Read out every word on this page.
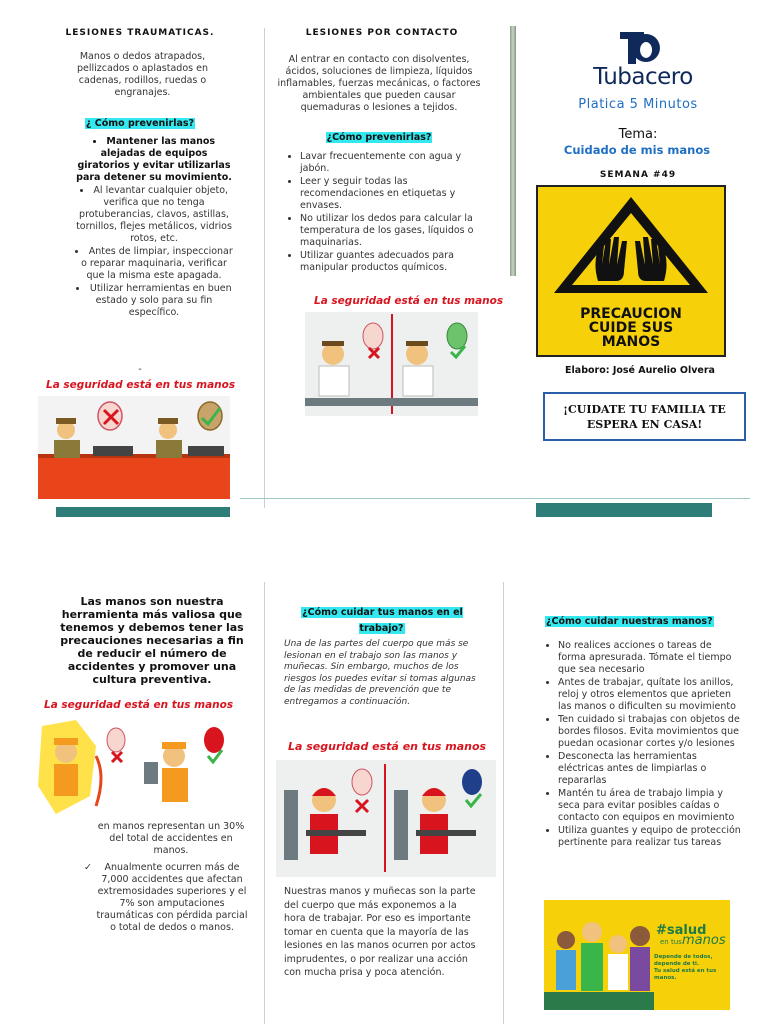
LESIONES TRAUMATICAS.
Manos o dedos atrapados, pellizcados o aplastados en cadenas, rodillos, ruedas o engranajes.
¿ Cómo prevenirlas?
• Mantener las manos alejadas de equipos giratorios y evitar utilizarlas para detener su movimiento.
• Al levantar cualquier objeto, verifica que no tenga protuberancias, clavos, astillas, tornillos, flejes metálicos, vidrios rotos, etc.
• Antes de limpiar, inspeccionar o reparar maquinaria, verificar que la misma este apagada.
• Utilizar herramientas en buen estado y solo para su fin específico.
-
La seguridad está en tus manos
LESIONES POR CONTACTO
Al entrar en contacto con disolventes, ácidos, soluciones de limpieza, líquidos inflamables, fuerzas mecánicas, o factores ambientales que pueden causar quemaduras o lesiones a tejidos.
¿Cómo prevenirlas?
• Lavar frecuentemente con agua y jabón.
• Leer y seguir todas las recomendaciones en etiquetas y envases.
• No utilizar los dedos para calcular la temperatura de los gases, líquidos o maquinarias.
• Utilizar guantes adecuados para manipular productos químicos.
La seguridad está en tus manos
Tubacero
Platica 5 Minutos
Tema:
Cuidado de mis manos
SEMANA #49
PRECAUCION
CUIDE SUS
MANOS
Elaboro: José Aurelio Olvera
¡CUIDATE TU FAMILIA TE ESPERA EN CASA!
Las manos son nuestra herramienta más valiosa que tenemos y debemos tener las precauciones necesarias a fin de reducir el número de accidentes y promover una cultura preventiva.
La seguridad está en tus manos
en manos representan un 30% del total de accidentes en manos.
✓ Anualmente ocurren más de 7,000 accidentes que afectan extremosidades superiores y el 7% son amputaciones traumáticas con pérdida parcial o total de dedos o manos.
¿Cómo cuidar tus manos en el trabajo?
Una de las partes del cuerpo que más se lesionan en el trabajo son las manos y muñecas. Sin embargo, muchos de los riesgos los puedes evitar si tomas algunas de las medidas de prevención que te entregamos a continuación.
La seguridad está en tus manos
Nuestras manos y muñecas son la parte del cuerpo que más exponemos a la hora de trabajar. Por eso es importante tomar en cuenta que la mayoría de las lesiones en las manos ocurren por actos imprudentes, o por realizar una acción con mucha prisa y poca atención.
¿Cómo cuidar nuestras manos?
• No realices acciones o tareas de forma apresurada. Tómate el tiempo que sea necesario
• Antes de trabajar, quítate los anillos, reloj y otros elementos que aprieten las manos o dificulten su movimiento
• Ten cuidado si trabajas con objetos de bordes filosos. Evita movimientos que puedan ocasionar cortes y/o lesiones
• Desconecta las herramientas eléctricas antes de limpiarlas o repararlas
• Mantén tu área de trabajo limpia y seca para evitar posibles caídas o contacto con equipos en movimiento
• Utiliza guantes y equipo de protección pertinente para realizar tus tareas
#salud
en tus manos
Depende de todos, depende de ti.
Tu salud está en tus manos.
